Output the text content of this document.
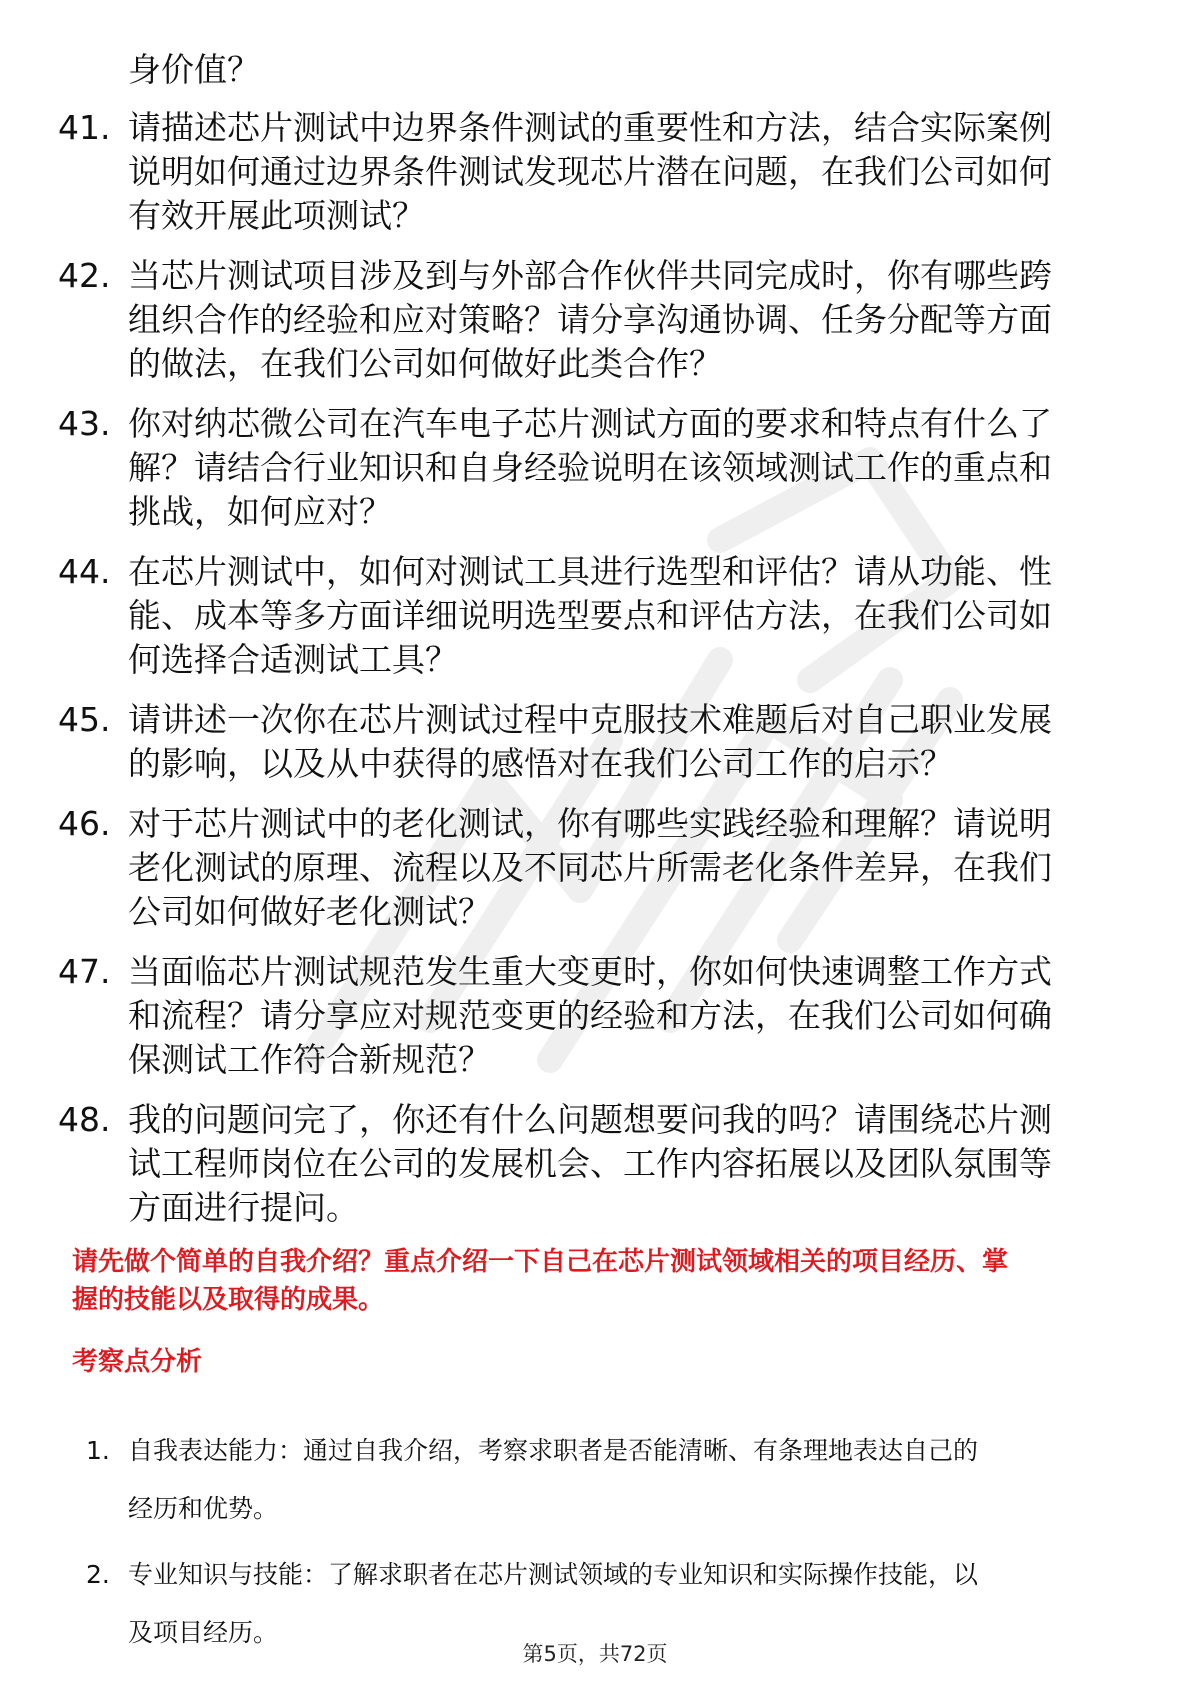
身价值？
41. 请描述芯片测试中边界条件测试的重要性和方法，结合实际案例
说明如何通过边界条件测试发现芯片潜在问题，在我们公司如何
有效开展此项测试？
42. 当芯片测试项目涉及到与外部合作伙伴共同完成时，你有哪些跨
组织合作的经验和应对策略？请分享沟通协调、任务分配等方面
的做法，在我们公司如何做好此类合作？
43. 你对纳芯微公司在汽车电子芯片测试方面的要求和特点有什么了
解？请结合行业知识和自身经验说明在该领域测试工作的重点和
挑战，如何应对？
44. 在芯片测试中，如何对测试工具进行选型和评估？请从功能、性
能、成本等多方面详细说明选型要点和评估方法，在我们公司如
何选择合适测试工具？
45. 请讲述一次你在芯片测试过程中克服技术难题后对自己职业发展
的影响，以及从中获得的感悟对在我们公司工作的启示？
46. 对于芯片测试中的老化测试，你有哪些实践经验和理解？请说明
老化测试的原理、流程以及不同芯片所需老化条件差异，在我们
公司如何做好老化测试？
47. 当面临芯片测试规范发生重大变更时，你如何快速调整工作方式
和流程？请分享应对规范变更的经验和方法，在我们公司如何确
保测试工作符合新规范？
48. 我的问题问完了，你还有什么问题想要问我的吗？请围绕芯片测
试工程师岗位在公司的发展机会、工作内容拓展以及团队氛围等
方面进行提问。
请先做个简单的自我介绍？重点介绍一下自己在芯片测试领域相关的项目经历、掌
握的技能以及取得的成果。
考察点分析
1. 自我表达能力：通过自我介绍，考察求职者是否能清晰、有条理地表达自己的
经历和优势。
2. 专业知识与技能：了解求职者在芯片测试领域的专业知识和实际操作技能，以
及项目经历。
第5页，共72页
